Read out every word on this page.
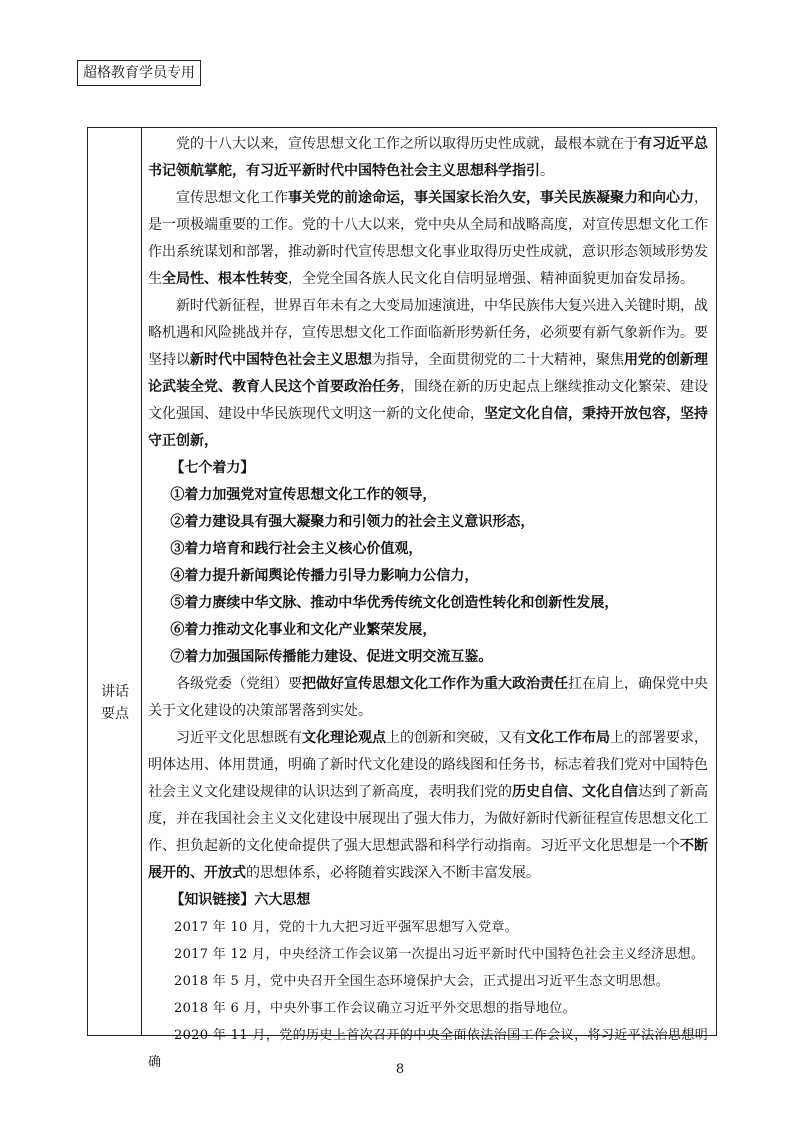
超格教育学员专用
讲话
要点

党的十八大以来，宣传思想文化工作之所以取得历史性成就，最根本就在于有习近平总书记领航掌舵，有习近平新时代中国特色社会主义思想科学指引。

宣传思想文化工作事关党的前途命运，事关国家长治久安，事关民族凝聚力和向心力，是一项极端重要的工作。党的十八大以来，党中央从全局和战略高度，对宣传思想文化工作作出系统谋划和部署，推动新时代宣传思想文化事业取得历史性成就，意识形态领域形势发生全局性、根本性转变，全党全国各族人民文化自信明显增强、精神面貌更加奋发昂扬。

新时代新征程，世界百年未有之大变局加速演进，中华民族伟大复兴进入关键时期，战略机遇和风险挑战并存，宣传思想文化工作面临新形势新任务，必须要有新气象新作为。要坚持以新时代中国特色社会主义思想为指导，全面贯彻党的二十大精神，聚焦用党的创新理论武装全党、教育人民这个首要政治任务，围绕在新的历史起点上继续推动文化繁荣、建设文化强国、建设中华民族现代文明这一新的文化使命，坚定文化自信，秉持开放包容，坚持守正创新，

【七个着力】

①着力加强党对宣传思想文化工作的领导，

②着力建设具有强大凝聚力和引领力的社会主义意识形态，

③着力培育和践行社会主义核心价值观，

④着力提升新闻舆论传播力引导力影响力公信力，

⑤着力赓续中华文脉、推动中华优秀传统文化创造性转化和创新性发展，

⑥着力推动文化事业和文化产业繁荣发展，

⑦着力加强国际传播能力建设、促进文明交流互鉴。

各级党委（党组）要把做好宣传思想文化工作作为重大政治责任扛在肩上，确保党中央关于文化建设的决策部署落到实处。

习近平文化思想既有文化理论观点上的创新和突破，又有文化工作布局上的部署要求，明体达用、体用贯通，明确了新时代文化建设的路线图和任务书，标志着我们党对中国特色社会主义文化建设规律的认识达到了新高度，表明我们党的历史自信、文化自信达到了新高度，并在我国社会主义文化建设中展现出了强大伟力，为做好新时代新征程宣传思想文化工作、担负起新的文化使命提供了强大思想武器和科学行动指南。习近平文化思想是一个不断展开的、开放式的思想体系，必将随着实践深入不断丰富发展。

【知识链接】六大思想

2017 年 10 月，党的十九大把习近平强军思想写入党章。

2017 年 12 月，中央经济工作会议第一次提出习近平新时代中国特色社会主义经济思想。

2018 年 5 月，党中央召开全国生态环境保护大会，正式提出习近平生态文明思想。

2018 年 6 月，中央外事工作会议确立习近平外交思想的指导地位。

2020 年 11 月，党的历史上首次召开的中央全面依法治国工作会议，将习近平法治思想明确	8
